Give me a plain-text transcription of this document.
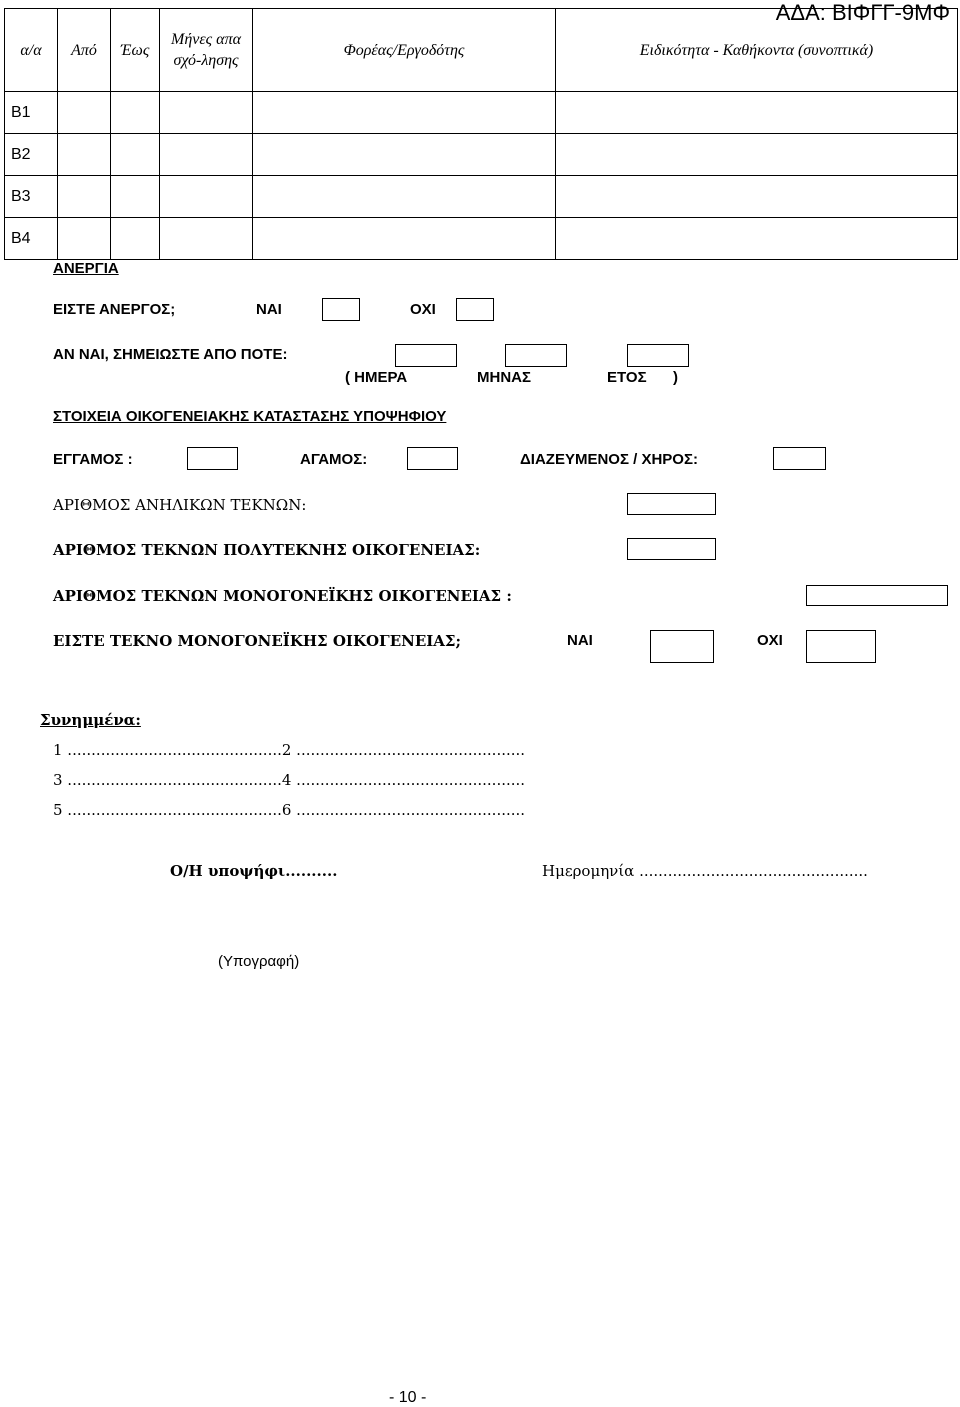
ΑΔΑ: ΒΙΦΓΓ-9ΜΦ
α/α	Από	Έως	Μήνες απασχό-λησης	Φορέας/Εργοδότης	Ειδικότητα - Καθήκοντα (συνοπτικά)
Β1					
Β2					
Β3					
Β4					
ΑΝΕΡΓΙΑ
ΕΙΣΤΕ ΑΝΕΡΓΟΣ;	ΝΑΙ	ΟΧΙ
ΑΝ ΝΑΙ, ΣΗΜΕΙΩΣΤΕ ΑΠΟ ΠΟΤΕ:
( ΗΜΕΡΑ	ΜΗΝΑΣ	ΕΤΟΣ )
ΣΤΟΙΧΕΙΑ ΟΙΚΟΓΕΝΕΙΑΚΗΣ ΚΑΤΑΣΤΑΣΗΣ ΥΠΟΨΗΦΙΟΥ
ΕΓΓΑΜΟΣ :	ΑΓΑΜΟΣ:	ΔΙΑΖΕΥΜΕΝΟΣ / ΧΗΡΟΣ:
ΑΡΙΘΜΟΣ ΑΝΗΛΙΚΩΝ ΤΕΚΝΩΝ:
ΑΡΙΘΜΟΣ ΤΕΚΝΩΝ ΠΟΛΥΤΕΚΝΗΣ ΟΙΚΟΓΕΝΕΙΑΣ:
ΑΡΙΘΜΟΣ ΤΕΚΝΩΝ ΜΟΝΟΓΟΝΕΪΚΗΣ ΟΙΚΟΓΕΝΕΙΑΣ :
ΕΙΣΤΕ ΤΕΚΝΟ ΜΟΝΟΓΟΝΕΪΚΗΣ ΟΙΚΟΓΕΝΕΙΑΣ;	ΝΑΙ	ΟΧΙ
Συνημμένα:
1 .............................................2 ................................................
3 .............................................4 ................................................
5 .............................................6 ................................................
Ο/Η υποψήφι..........	Ημερομηνία ................................................
(Υπογραφή)
- 10 -
